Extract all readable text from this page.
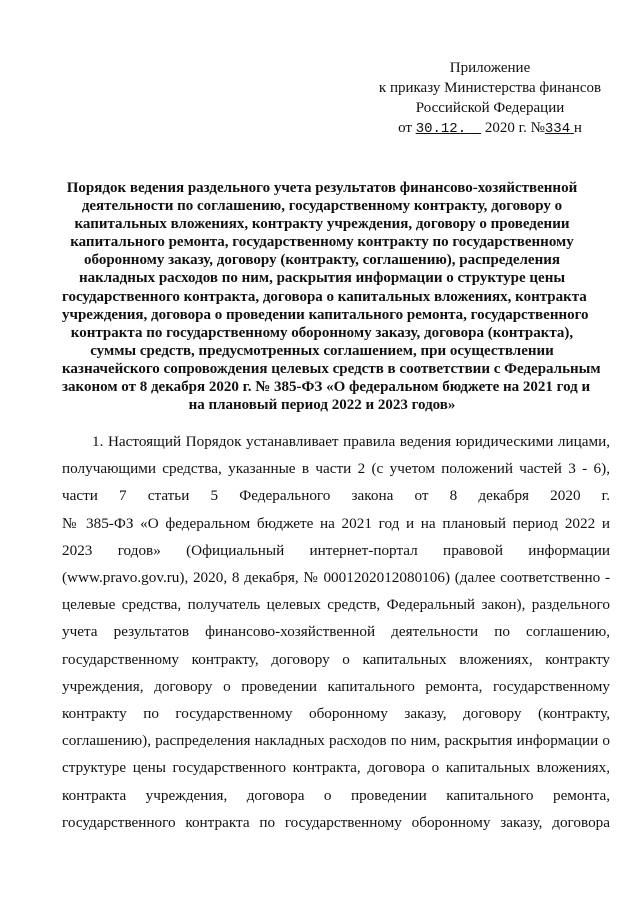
Приложение
к приказу Министерства финансов
Российской Федерации
от 30.12. 2020 г. №334 н
Порядок ведения раздельного учета результатов финансово-хозяйственной
деятельности по соглашению, государственному контракту, договору о
капитальных вложениях, контракту учреждения, договору о проведении
капитального ремонта, государственному контракту по государственному
оборонному заказу, договору (контракту, соглашению), распределения
накладных расходов по ним, раскрытия информации о структуре цены
государственного контракта, договора о капитальных вложениях, контракта
учреждения, договора о проведении капитального ремонта, государственного
контракта по государственному оборонному заказу, договора (контракта),
суммы средств, предусмотренных соглашением, при осуществлении
казначейского сопровождения целевых средств в соответствии с Федеральным
законом от 8 декабря 2020 г. № 385-ФЗ «О федеральном бюджете на 2021 год и
на плановый период 2022 и 2023 годов»
1. Настоящий Порядок устанавливает правила ведения юридическими лицами,
получающими средства, указанные в части 2 (с учетом положений частей 3 - 6),
части 7 статьи 5 Федерального закона от 8 декабря 2020 г.
№ 385-ФЗ «О федеральном бюджете на 2021 год и на плановый период 2022 и
2023 годов» (Официальный интернет-портал правовой информации
(www.pravo.gov.ru), 2020, 8 декабря, № 0001202012080106) (далее соответственно -
целевые средства, получатель целевых средств, Федеральный закон), раздельного
учета результатов финансово-хозяйственной деятельности по соглашению,
государственному контракту, договору о капитальных вложениях, контракту
учреждения, договору о проведении капитального ремонта, государственному
контракту по государственному оборонному заказу, договору (контракту,
соглашению), распределения накладных расходов по ним, раскрытия информации о
структуре цены государственного контракта, договора о капитальных вложениях,
контракта учреждения, договора о проведении капитального ремонта,
государственного контракта по государственному оборонному заказу, договора
